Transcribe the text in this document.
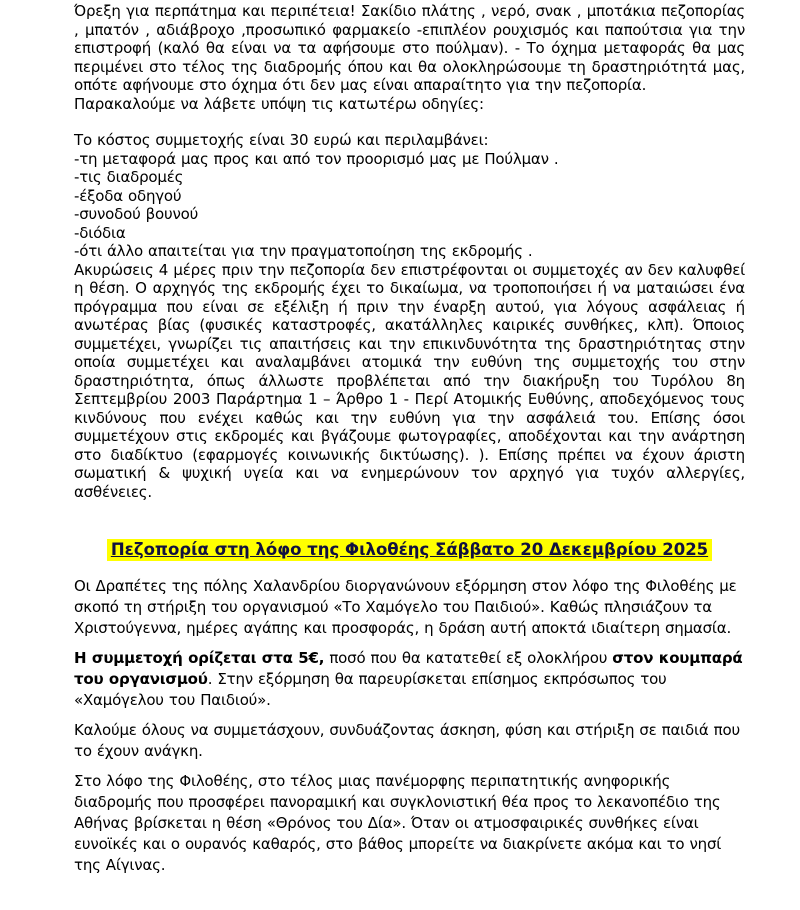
Όρεξη για περπάτημα και περιπέτεια! Σακίδιο πλάτης , νερό, σνακ , μποτάκια πεζοπορίας , μπατόν , αδιάβροχο ,προσωπικό φαρμακείο -επιπλέον ρουχισμός και παπούτσια για την επιστροφή (καλό θα είναι να τα αφήσουμε στο πούλμαν). - Το όχημα μεταφοράς θα μας περιμένει στο τέλος της διαδρομής όπου και θα ολοκληρώσουμε τη δραστηριότητά μας, οπότε αφήνουμε στο όχημα ότι δεν μας είναι απαραίτητο για την πεζοπορία.

Παρακαλούμε να λάβετε υπόψη τις κατωτέρω οδηγίες:

Το κόστος συμμετοχής είναι 30 ευρώ και περιλαμβάνει:

-τη μεταφορά μας προς και από τον προορισμό μας με Πούλμαν .

-τις διαδρομές

-έξοδα οδηγού

-συνοδού βουνού

-διόδια

-ότι άλλο απαιτείται για την πραγματοποίηση της εκδρομής .

Ακυρώσεις 4 μέρες πριν την πεζοπορία δεν επιστρέφονται οι συμμετοχές αν δεν καλυφθεί η θέση. Ο αρχηγός της εκδρομής έχει το δικαίωμα, να τροποποιήσει ή να ματαιώσει ένα πρόγραμμα που είναι σε εξέλιξη ή πριν την έναρξη αυτού, για λόγους ασφάλειας ή ανωτέρας βίας (φυσικές καταστροφές, ακατάλληλες καιρικές συνθήκες, κλπ). Όποιος συμμετέχει, γνωρίζει τις απαιτήσεις και την επικινδυνότητα της δραστηριότητας στην οποία συμμετέχει και αναλαμβάνει ατομικά την ευθύνη της συμμετοχής του στην δραστηριότητα, όπως άλλωστε προβλέπεται από την διακήρυξη του Τυρόλου 8η Σεπτεμβρίου 2003 Παράρτημα 1 – Άρθρο 1 - Περί Ατομικής Ευθύνης, αποδεχόμενος τους κινδύνους που ενέχει καθώς και την ευθύνη για την ασφάλειά του. Επίσης όσοι συμμετέχουν στις εκδρομές και βγάζουμε φωτογραφίες, αποδέχονται και την ανάρτηση στο διαδίκτυο (εφαρμογές κοινωνικής δικτύωσης). ). Επίσης πρέπει να έχουν άριστη σωματική & ψυχική υγεία και να ενημερώνουν τον αρχηγό για τυχόν αλλεργίες, ασθένειες.

Πεζοπορία στη λόφο της Φιλοθέης Σάββατο 20 Δεκεμβρίου 2025

Οι Δραπέτες της πόλης Χαλανδρίου διοργανώνουν εξόρμηση στον λόφο της Φιλοθέης με σκοπό τη στήριξη του οργανισμού «Το Χαμόγελο του Παιδιού». Καθώς πλησιάζουν τα Χριστούγεννα, ημέρες αγάπης και προσφοράς, η δράση αυτή αποκτά ιδιαίτερη σημασία.

Η συμμετοχή ορίζεται στα 5€, ποσό που θα κατατεθεί εξ ολοκλήρου στον κουμπαρά του οργανισμού. Στην εξόρμηση θα παρευρίσκεται επίσημος εκπρόσωπος του «Χαμόγελου του Παιδιού».

Καλούμε όλους να συμμετάσχουν, συνδυάζοντας άσκηση, φύση και στήριξη σε παιδιά που το έχουν ανάγκη.

Στο λόφο της Φιλοθέης, στο τέλος μιας πανέμορφης περιπατητικής ανηφορικής διαδρομής που προσφέρει πανοραμική και συγκλονιστική θέα προς το λεκανοπέδιο της Αθήνας βρίσκεται η θέση «Θρόνος του Δία». Όταν οι ατμοσφαιρικές συνθήκες είναι ευνοϊκές και ο ουρανός καθαρός, στο βάθος μπορείτε να διακρίνετε ακόμα και το νησί της Αίγινας.
